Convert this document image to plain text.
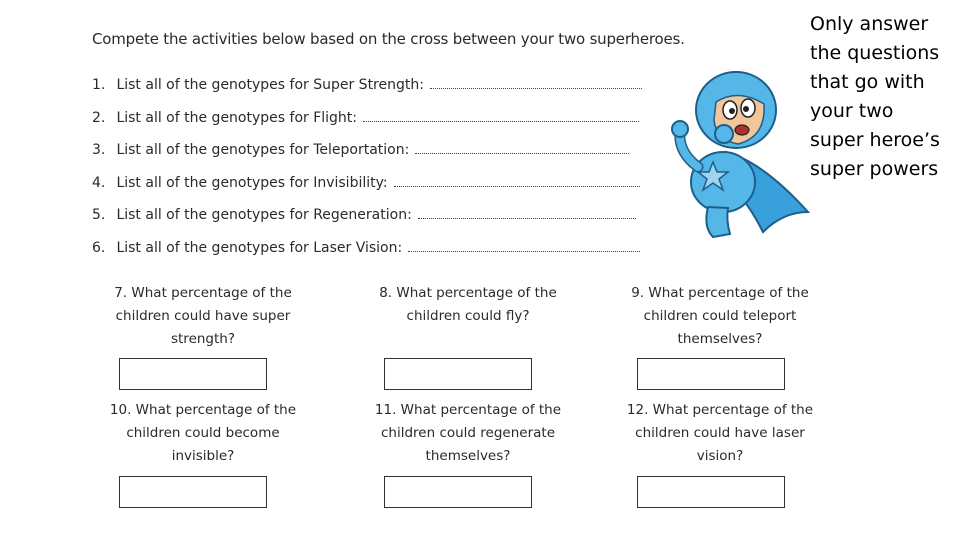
Compete the activities below based on the cross between your two superheroes.
1. List all of the genotypes for Super Strength:
2. List all of the genotypes for Flight:
3. List all of the genotypes for Teleportation:
4. List all of the genotypes for Invisibility:
5. List all of the genotypes for Regeneration:
6. List all of the genotypes for Laser Vision:
7. What percentage of the
children could have super
strength?
8. What percentage of the
children could fly?
9. What percentage of the
children could teleport
themselves?
10. What percentage of the
children could become
invisible?
11. What percentage of the
children could regenerate
themselves?
12. What percentage of the
children could have laser
vision?
Only answer
the questions
that go with
your two
super heroe’s
super powers
